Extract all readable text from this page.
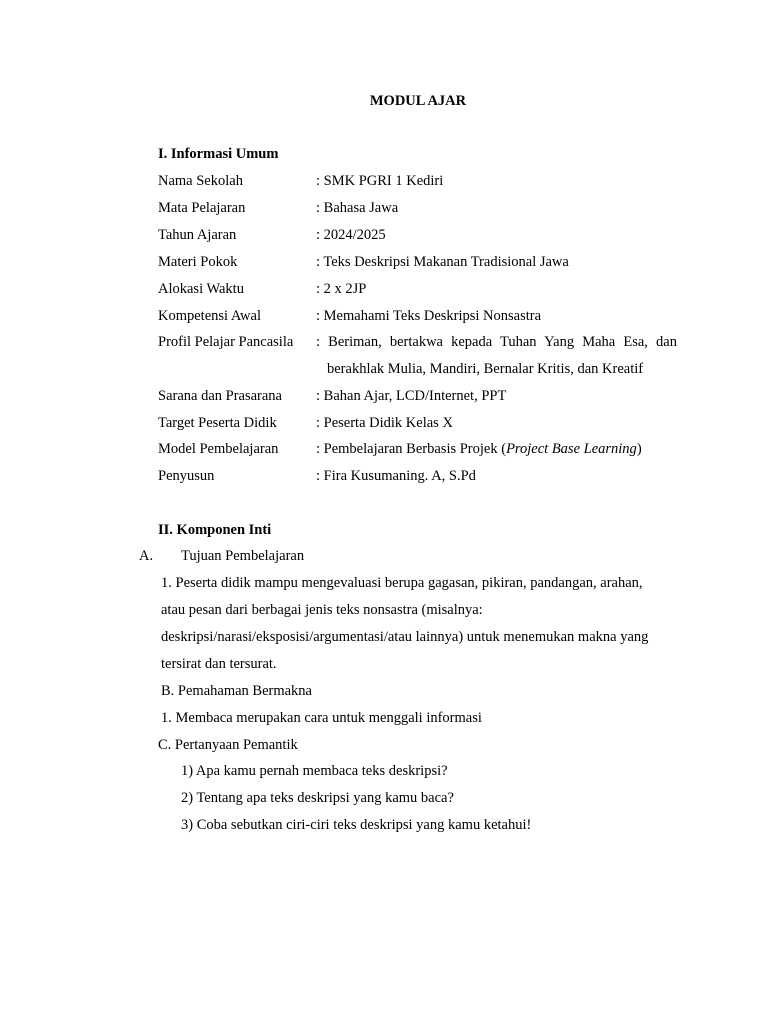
MODUL AJAR
I. Informasi Umum
Nama Sekolah	: SMK PGRI 1 Kediri
Mata Pelajaran	: Bahasa Jawa
Tahun Ajaran	: 2024/2025
Materi Pokok	: Teks Deskripsi Makanan Tradisional Jawa
Alokasi Waktu	: 2 x 2JP
Kompetensi Awal	: Memahami Teks Deskripsi Nonsastra
Profil Pelajar Pancasila : Beriman, bertakwa kepada Tuhan Yang Maha Esa, dan
berakhlak Mulia, Mandiri, Bernalar Kritis, dan Kreatif
Sarana dan Prasarana : Bahan Ajar, LCD/Internet, PPT
Target Peserta Didik	: Peserta Didik Kelas X
Model Pembelajaran	: Pembelajaran Berbasis Projek (Project Base Learning)
Penyusun	: Fira Kusumaning. A, S.Pd
II. Komponen Inti
A. Tujuan Pembelajaran
1. Peserta didik mampu mengevaluasi berupa gagasan, pikiran, pandangan, arahan,
atau pesan dari berbagai jenis teks nonsastra (misalnya:
deskripsi/narasi/eksposisi/argumentasi/atau lainnya) untuk menemukan makna yang
tersirat dan tersurat.
B. Pemahaman Bermakna
1. Membaca merupakan cara untuk menggali informasi
C. Pertanyaan Pemantik
1) Apa kamu pernah membaca teks deskripsi?
2) Tentang apa teks deskripsi yang kamu baca?
3) Coba sebutkan ciri-ciri teks deskripsi yang kamu ketahui!
